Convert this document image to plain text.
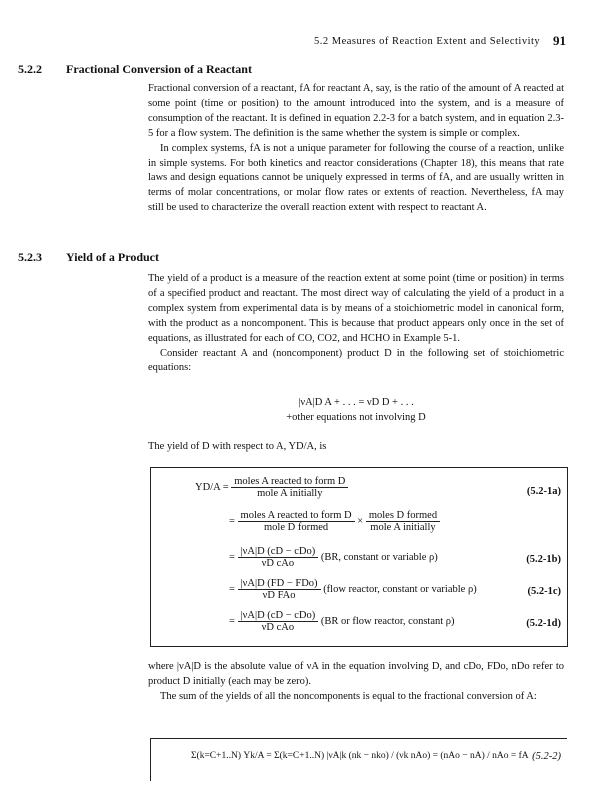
5.2 Measures of Reaction Extent and Selectivity 91
5.2.2 Fractional Conversion of a Reactant

Fractional conversion of a reactant, fA for reactant A, say, is the ratio of the amount of A reacted at some point (time or position) to the amount introduced into the system, and is a measure of consumption of the reactant. It is defined in equation 2.2-3 for a batch system, and in equation 2.3-5 for a flow system. The definition is the same whether the system is simple or complex.

In complex systems, fA is not a unique parameter for following the course of a reaction, unlike in simple systems. For both kinetics and reactor considerations (Chapter 18), this means that rate laws and design equations cannot be uniquely expressed in terms of fA, and are usually written in terms of molar concentrations, or molar flow rates or extents of reaction. Nevertheless, fA may still be used to characterize the overall reaction extent with respect to reactant A.

5.2.3 Yield of a Product

The yield of a product is a measure of the reaction extent at some point (time or position) in terms of a specified product and reactant. The most direct way of calculating the yield of a product in a complex system from experimental data is by means of a stoichiometric model in canonical form, with the product as a noncomponent. This is because that product appears only once in the set of equations, as illustrated for each of CO, CO2, and HCHO in Example 5-1.

Consider reactant A and (noncomponent) product D in the following set of stoichiometric equations:

|νA|D A + . . . = νD D + . . .
+other equations not involving D
The yield of D with respect to A, YD/A, is
$YD/A = \frac{\text{moles A reacted to form D}}{\text{mole A initially}}$	(5.2-1a)
= $\frac{\text{moles A reacted to form D}}{\text{mole D formed}} \times \frac{\text{moles D formed}}{\text{mole A initially}}$
= $\frac{\text{|νA|D (cD − cDo)}}{\text{νD cAo}} (BR$, constant or variable ρ)	(5.2-1b)
= $\frac{\text{|νA|D (FD − FDo)}}{\text{νD FAo}}$ (flow reactor, constant or variable ρ)	(5.2-1c)
= $\frac{\text{|νA|D (cD − cDo)}}{\text{νD cAo}} (BR$ or flow reactor, constant ρ)	(5.2-1d)

where |νA|D is the absolute value of νA in the equation involving D, and cDo, FDo, nDo refer to product D initially (each may be zero).

The sum of the yields of all the noncomponents is equal to the fractional conversion of A:

Σ(k=C+1..N) Yk/A = Σ(k=C+1..N) |νA|k (nk − nko) / (νk nAo) = (nAo − nA) / nAo = fA (5.2-2)
